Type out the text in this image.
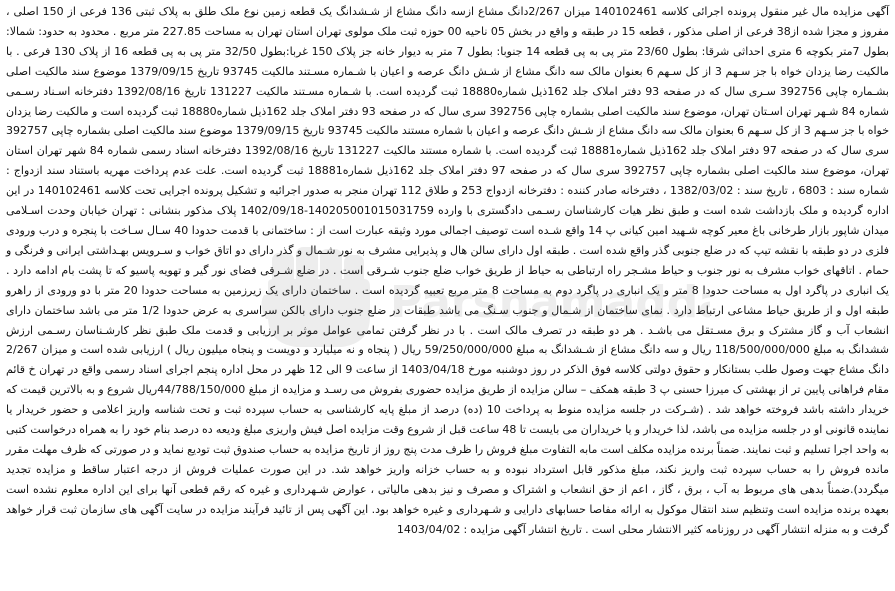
آگهی مزایده مال غیر منقول پرونده اجرائی کلاسه 140102461 میزان 2/267دانگ مشاع ازسه دانگ مشاع از شـشدانگ یک قطعه زمین نوع ملک طلق به پلاک ثبتی 136 فرعی از 150 اصلی ، مفروز و مجزا شده از38 فرعی از اصلی مذکور ، قطعه 15 در طبقه و واقع در بخش 05 ناحیه 00 حوزه ثبت ملک مولوی تهران استان تهران به مساحت 227.85 متر مربع . محدود به حدود: شمالا: بطول 7متر بکوچه 6 متری احداثی شرقا: بطول 23/60 متر پی به پی قطعه 14 جنوبا: بطول 7 متر به دیوار خانه جز پلاک 150 غربا:بطول 32/50 متر پی به پی قطعه 16 از پلاک 130 فرعی . با مالکیت رضا یزدان خواه با جز سـهم 3 از کل سـهم 6 بعنوان مالک سه دانگ مشاع از شـش دانگ عرصه و اعیان با شـماره مسـتند مالکیت 93745 تاریخ 1379/09/15 موضوع سند مالکیت اصلی بشـماره چاپی 392756 سـری سال که در صفحه 93 دفتر املاک جلد 162ذیل شماره18880 ثبت گردیده است. با شـماره مسـتند مالکیت 131227 تاریخ 1392/08/16 دفترخانه اسـناد رسـمی شماره 84 شـهر تهران اسـتان تهران، موضوع سند مالکیت اصلی بشماره چاپی 392756 سری سال که در صفحه 93 دفتر املاک جلد 162ذیل شماره18880 ثبت گردیده است و مالکیت رضا یزدان خواه با جز سـهم 3 از کل سـهم 6 بعنوان مالک سه دانگ مشاع از شـش دانگ عرصه و اعیان با شماره مستند مالکیت 93745 تاریخ 1379/09/15 موضوع سند مالکیت اصلی بشماره چاپی 392757 سری سال که در صفحه 97 دفتر املاک جلد 162ذیل شماره18881 ثبت گردیده است. با شماره مستند مالکیت 131227 تاریخ 1392/08/16 دفترخانه اسناد رسمی شماره 84 شهر تهران استان تهران، موضوع سند مالکیت اصلی بشماره چاپی 392757 سری سال که در صفحه 97 دفتر املاک جلد 162ذیل شماره18881 ثبت گردیده است. علت عدم پرداخت مهریه باستناد سند ازدواج : شماره سند : 6803 ، تاریخ سند : 1382/03/02 ، دفترخانه صادر کننده : دفترخانه ازدواج 253 و طلاق 112 تهران منجر به صدور اجرائیه و تشکیل پرونده اجرایی تحت کلاسه 140102461 در این اداره گردیده و ملک بازداشت شده است و طبق نظر هیات کارشناسان رسـمی دادگستری با وارده 140205001015031759-1402/09/18 پلاک مذکور بنشانی : تهران خیابان وحدت اسـلامی میدان شاپور بازار طرخانی باغ معیر کوچه شـهید امین کیانی پ 14 واقع شـده است توصیف اجمالی مورد وثیقه عبارت است از : ساختمانی با قدمت حدودا 40 سـال سـاخت با پنجره و درب ورودی فلزی در دو طبقه با نقشه تیپ که در ضلع جنوبی گذر واقع شده است . طبقه اول دارای سالن هال و پذیرایی مشرف به نور شـمال و گذر دارای دو اتاق خواب و سـرویس بهـداشتی ایرانی و فرنگی و حمام . اتاقهای خواب مشرف به نور جنوب و حیاط مشـجر راه ارتباطی به حیاط از طریق خواب ضلع جنوب شـرقی است . در ضلع شـرقی فضای نور گیر و تهویه پاسیو که تا پشت بام ادامه دارد . یک انباری در پاگرد اول به مساحت حدودا 8 متر و یک انباری در پاگرد دوم به مساحت 8 متر مربع تعبیه گردیده است . ساختمان دارای یک زیرزمین به مساحت حدودا 20 متر با دو ورودی از راهرو طبقه اول و از طریق حیاط مشاعی ارتباط دارد . نمای ساختمان از شـمال و جنوب سـنگ می باشد طبقات در ضلع جنوب دارای بالکن سراسری به عرض حدودا 1/2 متر می باشد ساختمان دارای انشعاب آب و گاز مشترک و برق مسـتقل می باشـد . هر دو طبقه در تصرف مالک است . با در نظر گرفتن تمامی عوامل موثر بر ارزیابی و قدمت ملک طبق نظر کارشـناسان رسـمی ارزش ششدانگ به مبلغ 118/500/000/000 ریال و سه دانگ مشاع از شـشدانگ به مبلغ 59/250/000/000 ریال ( پنجاه و نه میلیارد و دویست و پنجاه میلیون ریال ) ارزیابی شده است و میزان 2/267 دانگ مشاع جهت وصول طلب بستانکار و حقوق دولتی کلاسه فوق الذکر در روز دوشنبه مورخ 1403/04/18 از ساعت 9 الی 12 ظهر در محل اداره پنجم اجرای اسناد رسمی واقع در تهران خ قائم مقام فراهانی پایین تر از بهشتی ک میرزا حسنی پ 3 طبقه همکف – سالن مزایده از طریق مزایده حضوری بفروش می رسـد و مزایده از مبلغ 44/788/150/000ریال شروع و به بالاترین قیمت که خریدار داشته باشد فروخته خواهد شد . (شـرکت در جلسه مزایده منوط به پرداخت 10 (ده) درصد از مبلغ پایه کارشناسی به حساب سپرده ثبت و تحت شناسه واریز اعلامی و حضور خریدار یا نماینده قانونی او در جلسه مزایده می باشد، لذا خریدار و یا خریداران می بایست تا 48 ساعت قبل از شروع وقت مزایده اصل فیش واریزی مبلغ ودیعه ده درصد بنام خود را به همراه درخواست کتبی به واحد اجرا تسلیم و ثبت نمایند. ضمناً برنده مزایده مکلف است مابه التفاوت مبلغ فروش را ظرف مدت پنج روز از تاریخ مزایده به حساب صندوق ثبت تودیع نماید و در صورتی که ظرف مهلت مقرر مانده فروش را به حساب سپرده ثبت واریز نکند، مبلغ مذکور قابل استرداد نبوده و به حساب خزانه واریز خواهد شد. در این صورت عملیات فروش از درجه اعتبار ساقط و مزایده تجدید میگردد).ضمناً بدهی های مربوط به آب ، برق ، گاز ، اعم از حق انشعاب و اشتراک و مصرف و نیز بدهی مالیاتی ، عوارض شـهرداری و غیره که رقم قطعی آنها برای این اداره معلوم نشده است بعهده برنده مزایده است وتنظیم سند انتقال موکول به ارائه مفاصا حسابهای دارایی و شـهرداری و غیره خواهد بود. این آگهی پس از تائید فرآیند مزایده در سایت آگهی های سازمان ثبت قرار خواهد گرفت و به منزله انتشار آگهی در روزنامه کثیر الانتشار محلی است . تاریخ انتشار آگهی مزایده : 1403/04/02
Parsnamadd
